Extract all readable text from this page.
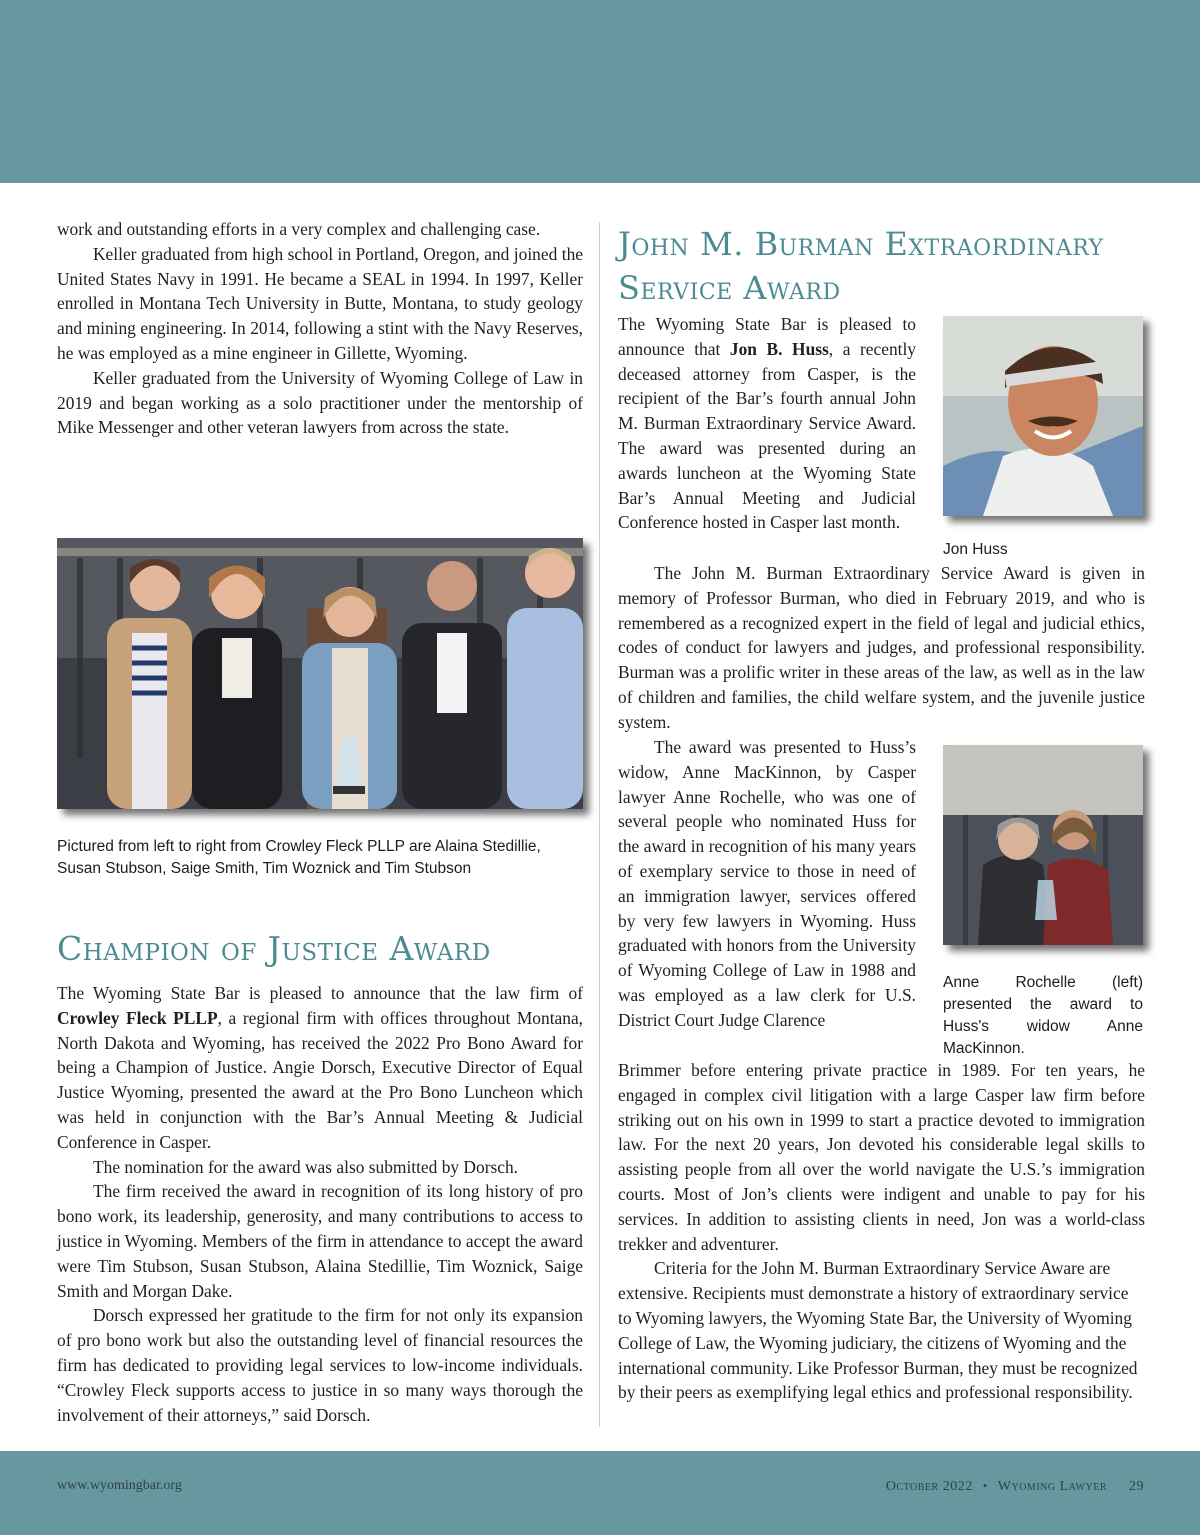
work and outstanding efforts in a very complex and challenging case.

Keller graduated from high school in Portland, Oregon, and joined the United States Navy in 1991. He became a SEAL in 1994. In 1997, Keller enrolled in Montana Tech University in Butte, Montana, to study geology and mining engineering. In 2014, following a stint with the Navy Reserves, he was employed as a mine engineer in Gillette, Wyoming.

Keller graduated from the University of Wyoming College of Law in 2019 and began working as a solo practitioner under the mentorship of Mike Messenger and other veteran lawyers from across the state.

Pictured from left to right from Crowley Fleck PLLP are Alaina Stedillie, Susan Stubson, Saige Smith, Tim Woznick and Tim Stubson
Champion of Justice Award

The Wyoming State Bar is pleased to announce that the law firm of Crowley Fleck PLLP, a regional firm with offices throughout Montana, North Dakota and Wyoming, has received the 2022 Pro Bono Award for being a Champion of Justice. Angie Dorsch, Executive Director of Equal Justice Wyoming, presented the award at the Pro Bono Luncheon which was held in conjunction with the Bar’s Annual Meeting & Judicial Conference in Casper.

The nomination for the award was also submitted by Dorsch.

The firm received the award in recognition of its long history of pro bono work, its leadership, generosity, and many contributions to access to justice in Wyoming. Members of the firm in attendance to accept the award were Tim Stubson, Susan Stubson, Alaina Stedillie, Tim Woznick, Saige Smith and Morgan Dake.

Dorsch expressed her gratitude to the firm for not only its expansion of pro bono work but also the outstanding level of financial resources the firm has dedicated to providing legal services to low-income individuals. “Crowley Fleck supports access to justice in so many ways thorough the involvement of their attorneys,” said Dorsch.

John M. Burman Extraordinary
Service Award
Jon Huss

The Wyoming State Bar is pleased to announce that Jon B. Huss, a recently deceased attorney from Casper, is the recipient of the Bar’s fourth annual John M. Burman Extraordinary Service Award. The award was presented during an awards luncheon at the Wyoming State Bar’s Annual Meeting and Judicial Conference hosted in Casper last month.

The John M. Burman Extraordinary Service Award is given in memory of Professor Burman, who died in February 2019, and who is remembered as a recognized expert in the field of legal and judicial ethics, codes of conduct for lawyers and judges, and professional responsibility. Burman was a prolific writer in these areas of the law, as well as in the law of children and families, the child welfare system, and the juvenile justice system.

Anne Rochelle (left) presented the award to Huss's widow Anne MacKinnon.

The award was presented to Huss’s widow, Anne MacKinnon, by Casper lawyer Anne Rochelle, who was one of several people who nominated Huss for the award in recognition of his many years of exemplary service to those in need of an immigration lawyer, services offered by very few lawyers in Wyoming. Huss graduated with honors from the University of Wyoming College of Law in 1988 and was employed as a law clerk for U.S. District Court Judge Clarence

Brimmer before entering private practice in 1989. For ten years, he engaged in complex civil litigation with a large Casper law firm before striking out on his own in 1999 to start a practice devoted to immigration law. For the next 20 years, Jon devoted his considerable legal skills to assisting people from all over the world navigate the U.S.’s immigration courts. Most of Jon’s clients were indigent and unable to pay for his services. In addition to assisting clients in need, Jon was a world-class trekker and adventurer.

Criteria for the John M. Burman Extraordinary Service Aware are extensive. Recipients must demonstrate a history of extraordinary service to Wyoming lawyers, the Wyoming State Bar, the University of Wyoming College of Law, the Wyoming judiciary, the citizens of Wyoming and the international community. Like Professor Burman, they must be recognized by their peers as exemplifying legal ethics and professional responsibility.

www.wyomingbar.org	October 2022 • Wyoming Lawyer 29
